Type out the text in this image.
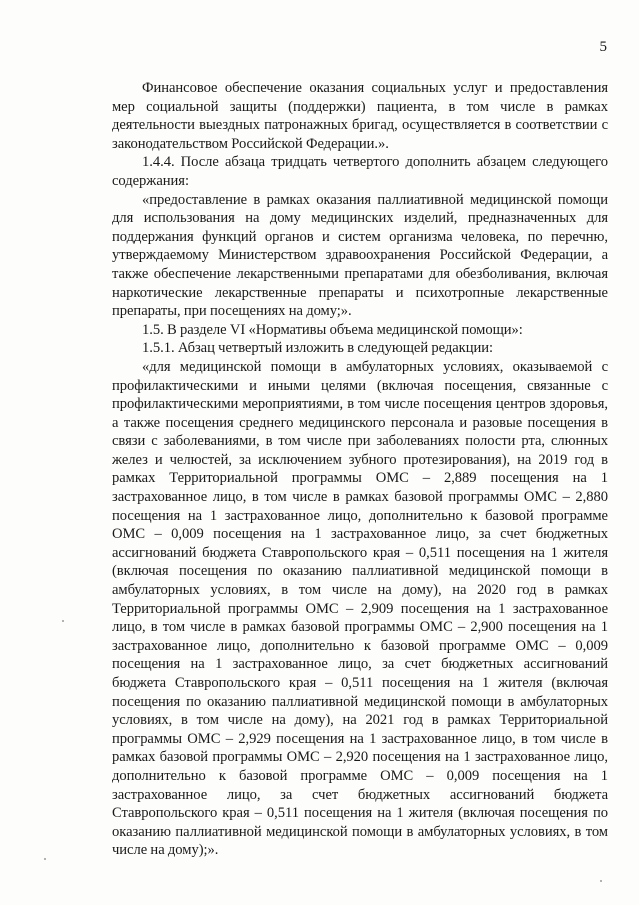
5

Финансовое обеспечение оказания социальных услуг и предоставления мер социальной защиты (поддержки) пациента, в том числе в рамках деятельности выездных патронажных бригад, осуществляется в соответствии с законодательством Российской Федерации.».

1.4.4. После абзаца тридцать четвертого дополнить абзацем следующего содержания:

«предоставление в рамках оказания паллиативной медицинской помощи для использования на дому медицинских изделий, предназначенных для поддержания функций органов и систем организма человека, по перечню, утверждаемому Министерством здравоохранения Российской Федерации, а также обеспечение лекарственными препаратами для обезболивания, включая наркотические лекарственные препараты и психотропные лекарственные препараты, при посещениях на дому;».

1.5. В разделе VI «Нормативы объема медицинской помощи»:

1.5.1. Абзац четвертый изложить в следующей редакции:

«для медицинской помощи в амбулаторных условиях, оказываемой с профилактическими и иными целями (включая посещения, связанные с профилактическими мероприятиями, в том числе посещения центров здоровья, а также посещения среднего медицинского персонала и разовые посещения в связи с заболеваниями, в том числе при заболеваниях полости рта, слюнных желез и челюстей, за исключением зубного протезирования), на 2019 год в рамках Территориальной программы ОМС – 2,889 посещения на 1 застрахованное лицо, в том числе в рамках базовой программы ОМС – 2,880 посещения на 1 застрахованное лицо, дополнительно к базовой программе ОМС – 0,009 посещения на 1 застрахованное лицо, за счет бюджетных ассигнований бюджета Ставропольского края – 0,511 посещения на 1 жителя (включая посещения по оказанию паллиативной медицинской помощи в амбулаторных условиях, в том числе на дому), на 2020 год в рамках Территориальной программы ОМС – 2,909 посещения на 1 застрахованное лицо, в том числе в рамках базовой программы ОМС – 2,900 посещения на 1 застрахованное лицо, дополнительно к базовой программе ОМС – 0,009 посещения на 1 застрахованное лицо, за счет бюджетных ассигнований бюджета Ставропольского края – 0,511 посещения на 1 жителя (включая посещения по оказанию паллиативной медицинской помощи в амбулаторных условиях, в том числе на дому), на 2021 год в рамках Территориальной программы ОМС – 2,929 посещения на 1 застрахованное лицо, в том числе в рамках базовой программы ОМС – 2,920 посещения на 1 застрахованное лицо, дополнительно к базовой программе ОМС – 0,009 посещения на 1 застрахованное лицо, за счет бюджетных ассигнований бюджета Ставропольского края – 0,511 посещения на 1 жителя (включая посещения по оказанию паллиативной медицинской помощи в амбулаторных условиях, в том числе на дому);».
